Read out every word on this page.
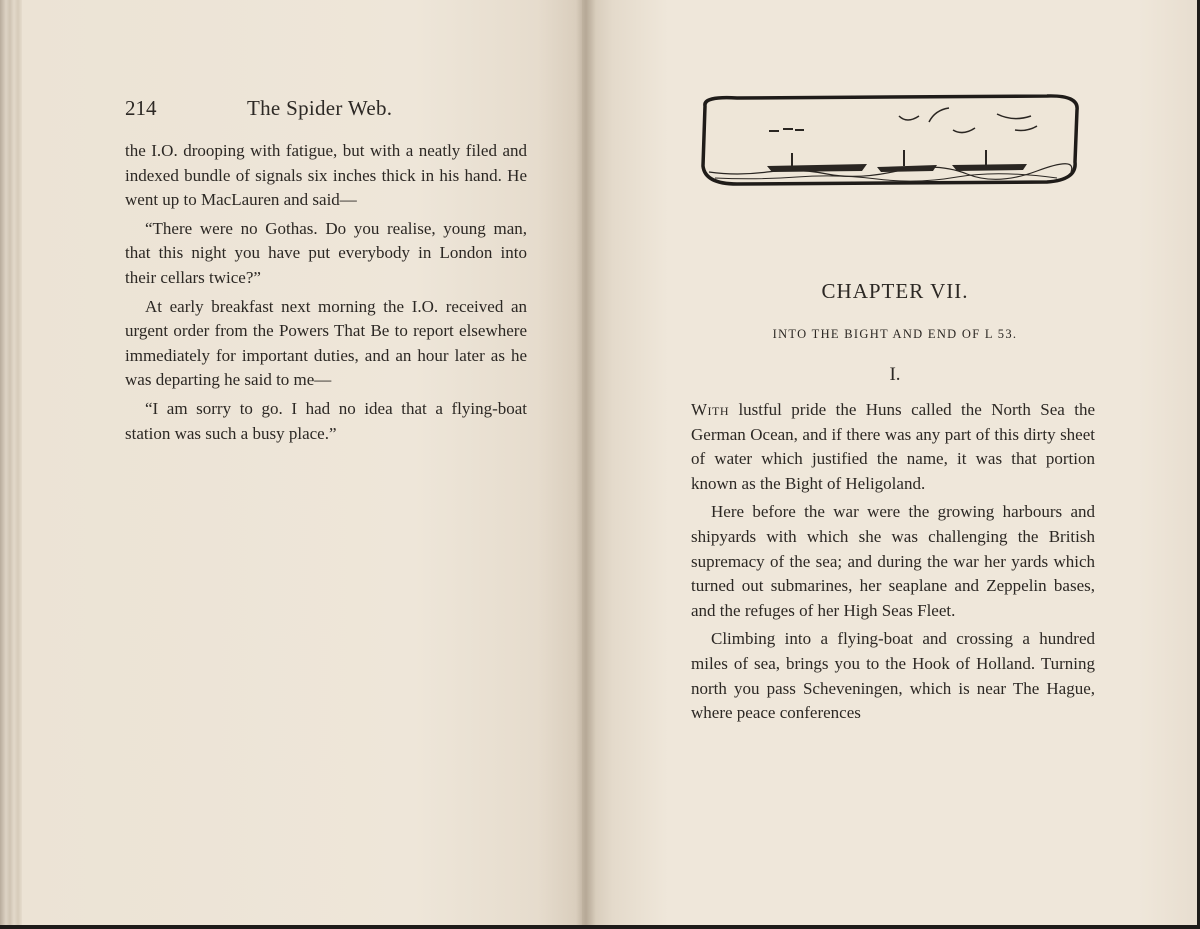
214	The Spider Web.

the I.O. drooping with fatigue, but with a neatly filed and indexed bundle of signals six inches thick in his hand. He went up to MacLauren and said—

“There were no Gothas. Do you realise, young man, that this night you have put everybody in London into their cellars twice?”

At early breakfast next morning the I.O. received an urgent order from the Powers That Be to report elsewhere immediately for important duties, and an hour later as he was departing he said to me—

“I am sorry to go. I had no idea that a flying-boat station was such a busy place.”

CHAPTER VII.
INTO THE BIGHT AND END OF L 53.
I.

With lustful pride the Huns called the North Sea the German Ocean, and if there was any part of this dirty sheet of water which justified the name, it was that portion known as the Bight of Heligoland.

Here before the war were the growing harbours and shipyards with which she was challenging the British supremacy of the sea; and during the war her yards which turned out submarines, her seaplane and Zeppelin bases, and the refuges of her High Seas Fleet.

Climbing into a flying-boat and crossing a hundred miles of sea, brings you to the Hook of Holland. Turning north you pass Scheveningen, which is near The Hague, where peace conferences
